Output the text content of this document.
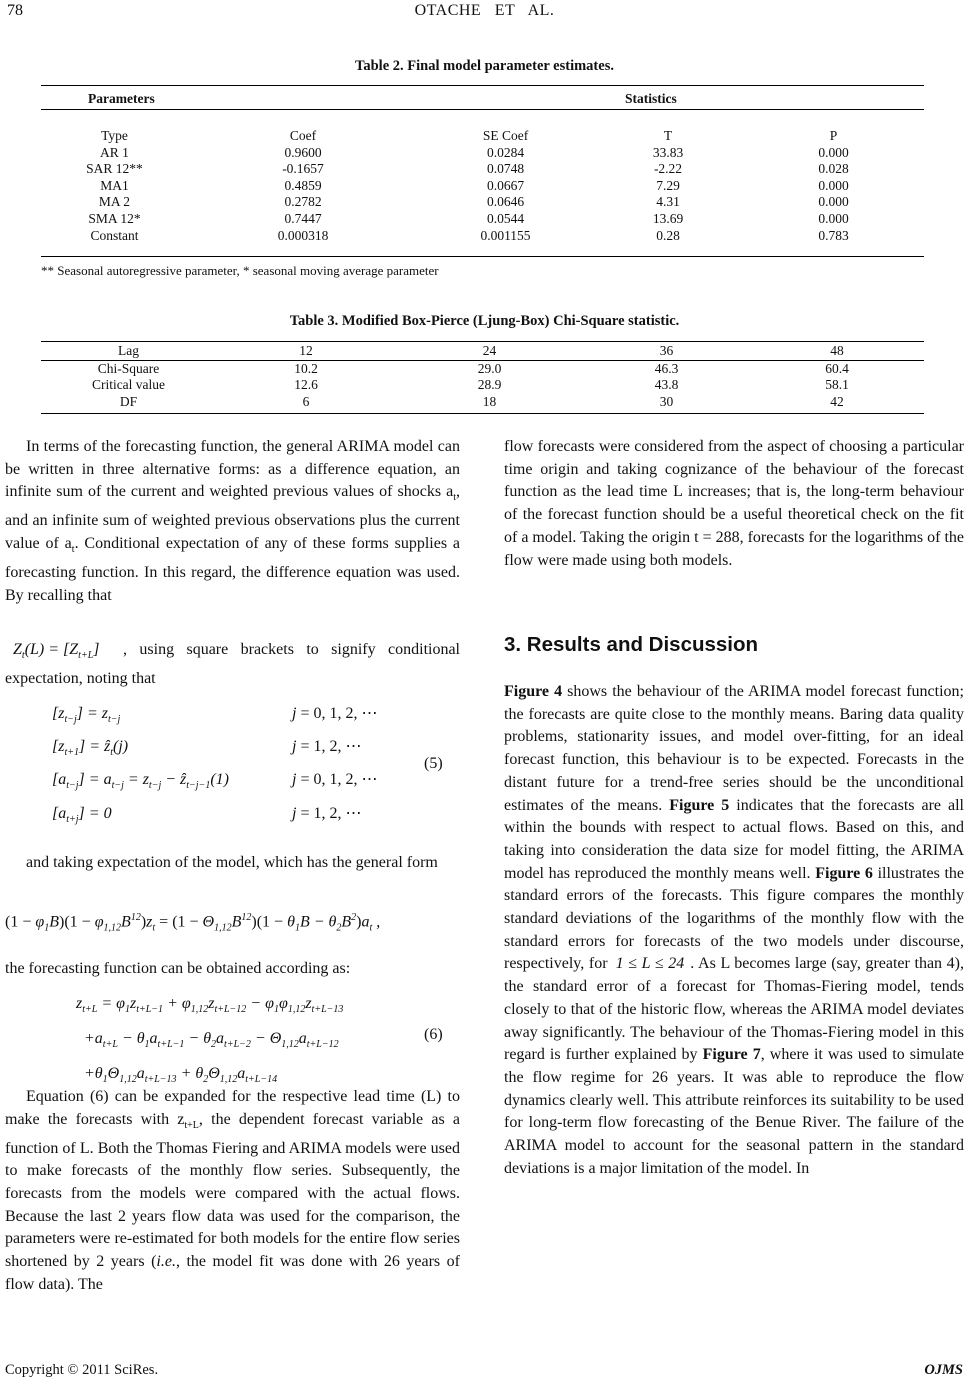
78	OTACHE   ET   AL.
Table 2. Final model parameter estimates.
Parameters	Statistics
Type	Coef	SE Coef	T	P
AR 1	0.9600	0.0284	33.83	0.000
SAR 12**	-0.1657	0.0748	-2.22	0.028
MA1	0.4859	0.0667	7.29	0.000
MA 2	0.2782	0.0646	4.31	0.000
SMA 12*	0.7447	0.0544	13.69	0.000
Constant	0.000318	0.001155	0.28	0.783
** Seasonal autoregressive parameter, * seasonal moving average parameter
Table 3. Modified Box-Pierce (Ljung-Box) Chi-Square statistic.
Lag	12	24	36	48
Chi-Square	10.2	29.0	46.3	60.4
Critical value	12.6	28.9	43.8	58.1
DF	6	18	30	42
In terms of the forecasting function, the general ARIMA model can be written in three alternative forms: as a difference equation, an infinite sum of the current and weighted previous values of shocks $a_t$, and an infinite sum of weighted previous observations plus the current value of $a_t$. Conditional expectation of any of these forms supplies a forecasting function. In this regard, the difference equation was used. By recalling that
$Z_t(L) = [Z_{t+L}]$ , using square brackets to signify conditional expectation, noting that
$[z_{t-j}] = z_{t-j}$	j = 0, 1, 2, ⋯
$[z_{t+1}]$ = ẑ$_t$(j)	j = 1, 2, ⋯
$[a_{t-j}] = a_{t-j} = z_{t-j}$ − ẑ$_{t-j-1}$(1)	j = 0, 1, 2, ⋯
$[a_{t+j}] = 0$	j = 1, 2, ⋯
(5)
and taking expectation of the model, which has the general form
$(1 - \varphi_1B)(1 - \varphi_{1,12}B^{12})z_t = (1 - \Theta_{1,12}B^{12})(1 - \theta_1B - \theta_2B^2)a_t$ ,
the forecasting function can be obtained according as:
$z_{t+L} = \varphi_1z_{t+L-1} + \varphi_{1,12}z_{t+L-12} - \varphi_1\varphi_{1,12}z_{t+L-13}$
$+a_{t+L} - \theta_1a_{t+L-1} - \theta_2a_{t+L-2} - \Theta_{1,12}a_{t+L-12}$
$+\theta_1\Theta_{1,12}a_{t+L-13} + \theta_2\Theta_{1,12}a_{t+L-14}$
(6)
Equation (6) can be expanded for the respective lead time (L) to make the forecasts with $z_{t+L}$, the dependent forecast variable as a function of L. Both the Thomas Fiering and ARIMA models were used to make forecasts of the monthly flow series. Subsequently, the forecasts from the models were compared with the actual flows. Because the last 2 years flow data was used for the comparison, the parameters were re-estimated for both models for the entire flow series shortened by 2 years (i.e., the model fit was done with 26 years of flow data). The
flow forecasts were considered from the aspect of choosing a particular time origin and taking cognizance of the behaviour of the forecast function as the lead time L increases; that is, the long-term behaviour of the forecast function should be a useful theoretical check on the fit of a model. Taking the origin t = 288, forecasts for the logarithms of the flow were made using both models.
3. Results and Discussion
Figure 4 shows the behaviour of the ARIMA model forecast function; the forecasts are quite close to the monthly means. Baring data quality problems, stationarity issues, and model over-fitting, for an ideal forecast function, this behaviour is to be expected. Forecasts in the distant future for a trend-free series should be the unconditional estimates of the means. Figure 5 indicates that the forecasts are all within the bounds with respect to actual flows. Based on this, and taking into consideration the data size for model fitting, the ARIMA model has reproduced the monthly means well. Figure 6 illustrates the standard errors of the forecasts. This figure compares the monthly standard deviations of the logarithms of the monthly flow with the standard errors for forecasts of the two models under discourse, respectively, for 1 ≤ L ≤ 24 . As L becomes large (say, greater than 4), the standard error of a forecast for Thomas-Fiering model, tends closely to that of the historic flow, whereas the ARIMA model deviates away significantly. The behaviour of the Thomas-Fiering model in this regard is further explained by Figure 7, where it was used to simulate the flow regime for 26 years. It was able to reproduce the flow dynamics clearly well. This attribute reinforces its suitability to be used for long-term flow forecasting of the Benue River. The failure of the ARIMA model to account for the seasonal pattern in the standard deviations is a major limitation of the model. In
Copyright © 2011 SciRes.	OJMS
